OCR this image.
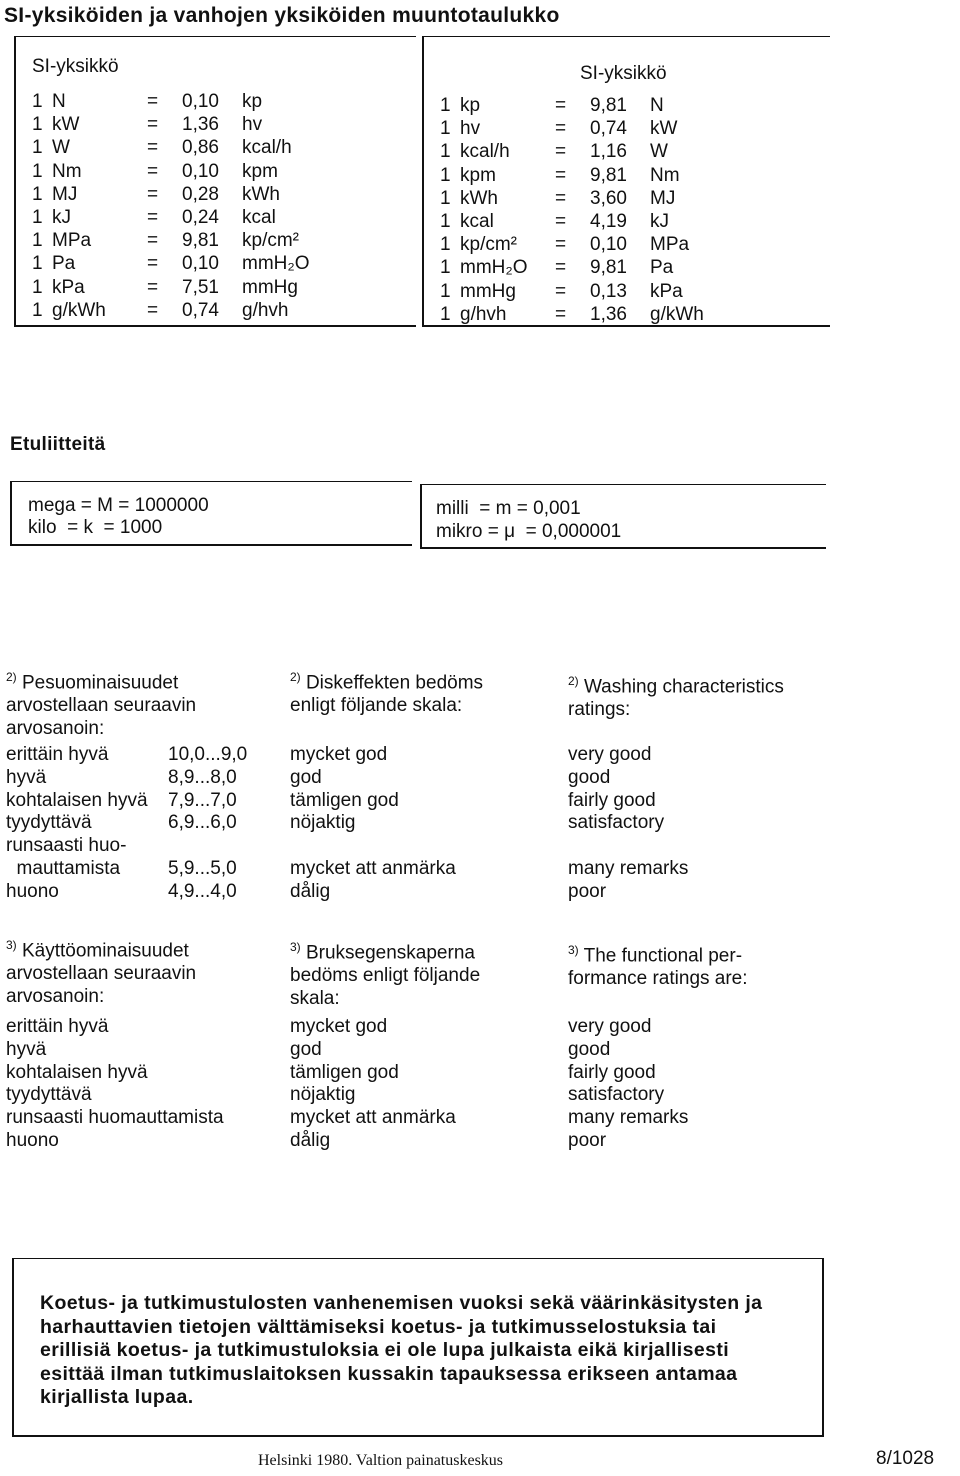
SI-yksiköiden ja vanhojen yksiköiden muuntotaulukko
SI-yksikkö	SI-yksikkö
1 N	= 0,10 kp
1 kW	= 1,36 hv
1 W	= 0,86 kcal/h
1 Nm	= 0,10 kpm
1 MJ	= 0,28 kWh
1 kJ	= 0,24 kcal
1 MPa	= 9,81 kp/cm²
1 Pa	= 0,10 mmH₂O
1 kPa	= 7,51 mmHg
1 g/kWh = 0,74 g/hvh
1 kp	= 9,81 N
1 hv	= 0,74 kW
1 kcal/h = 1,16 W
1 kpm	= 9,81 Nm
1 kWh	= 3,60 MJ
1 kcal	= 4,19 kJ
1 kp/cm² = 0,10 MPa
1 mmH₂O = 9,81 Pa
1 mmHg = 0,13 kPa
1 g/hvh	= 1,36 g/kWh
Etuliitteitä
mega = M = 1000000
kilo  = k  = 1000
milli  = m = 0,001
mikro = μ  = 0,000001
$^{2)}$ Pesuominaisuudet
arvostellaan seuraavin
arvosanoin:
$^{2)}$ Diskeffekten bedöms
enligt följande skala:
$^{2)}$ Washing characteristics
ratings:
erittäin hyvä	10,0...9,0 mycket god	very good
hyvä	8,9...8,0	god	good
kohtalaisen hyvä 7,9...7,0	tämligen god	fairly good
tyydyttävä	6,9...6,0	nöjaktig	satisfactory
runsaasti huo-
mauttamista	5,9...5,0	mycket att anmärka	many remarks
huono	4,9...4,0	dålig	poor
$^{3)}$ Käyttöominaisuudet
arvostellaan seuraavin
arvosanoin:
$^{3)}$ Bruksegenskaperna
bedöms enligt följande
skala:
$^{3)}$ The functional per-
formance ratings are:
erittäin hyvä	mycket god	very good
hyvä	god	good
kohtalaisen hyvä	tämligen god	fairly good
tyydyttävä	nöjaktig	satisfactory
runsaasti huomauttamista	mycket att anmärka	many remarks
huono	dålig	poor
Koetus- ja tutkimustulosten vanhenemisen vuoksi sekä väärinkäsitysten ja harhauttavien tietojen välttämiseksi koetus- ja tutkimusselostuksia tai erillisiä koetus- ja tutkimustuloksia ei ole lupa julkaista eikä kirjallisesti esittää ilman tutkimuslaitoksen kussakin tapauksessa erikseen antamaa kirjallista lupaa.
Helsinki 1980. Valtion painatuskeskus	8/1028
